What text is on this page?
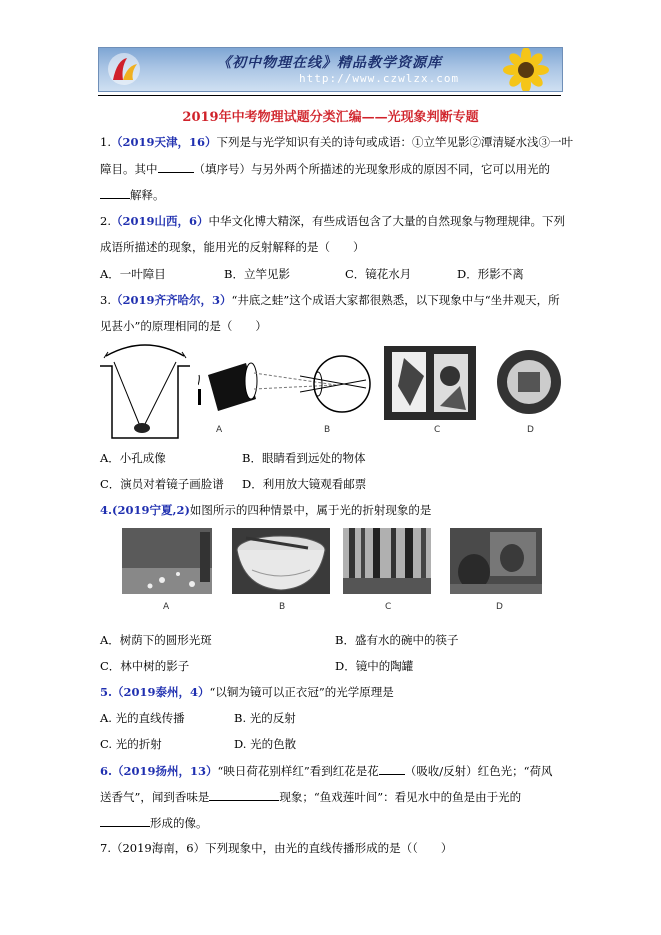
《初中物理在线》精品教学资源库
http://www.czwlzx.com
2019年中考物理试题分类汇编——光现象判断专题
1.（2019天津，16）下列是与光学知识有关的诗句或成语：①立竿见影②潭清疑水浅③一叶
障目。其中	（填序号）与另外两个所描述的光现象形成的原因不同，它可以用光的
解释。
2.（2019山西，6）中华文化博大精深，有些成语包含了大量的自然现象与物理规律。下列
成语所描述的现象，能用光的反射解释的是（　　）
A．一叶障目	B．立竿见影	C．镜花水月	D．形影不离
3.（2019齐齐哈尔，3）“井底之蛙”这个成语大家都很熟悉，以下现象中与“坐井观天，所
见甚小”的原理相同的是（　　）
A	B	C	D
A．小孔成像	B．眼睛看到远处的物体
C．演员对着镜子画脸谱 D．利用放大镜观看邮票
4.(2019宁夏,2)如图所示的四种情景中，属于光的折射现象的是
A	B	C	D
A．树荫下的圆形光斑	B．盛有水的碗中的筷子
C．林中树的影子	D．镜中的陶罐
5.（2019泰州，4）“以铜为镜可以正衣冠”的光学原理是
A. 光的直线传播	B. 光的反射
C. 光的折射	D. 光的色散
6.（2019扬州，13）“映日荷花别样红”看到红花是花 （吸收/反射）红色光；“荷风
送香气”，闻到香味是	现象；“鱼戏莲叶间”：看见水中的鱼是由于光的
形成的像。
7.（2019海南，6）下列现象中，由光的直线传播形成的是（（　　）
